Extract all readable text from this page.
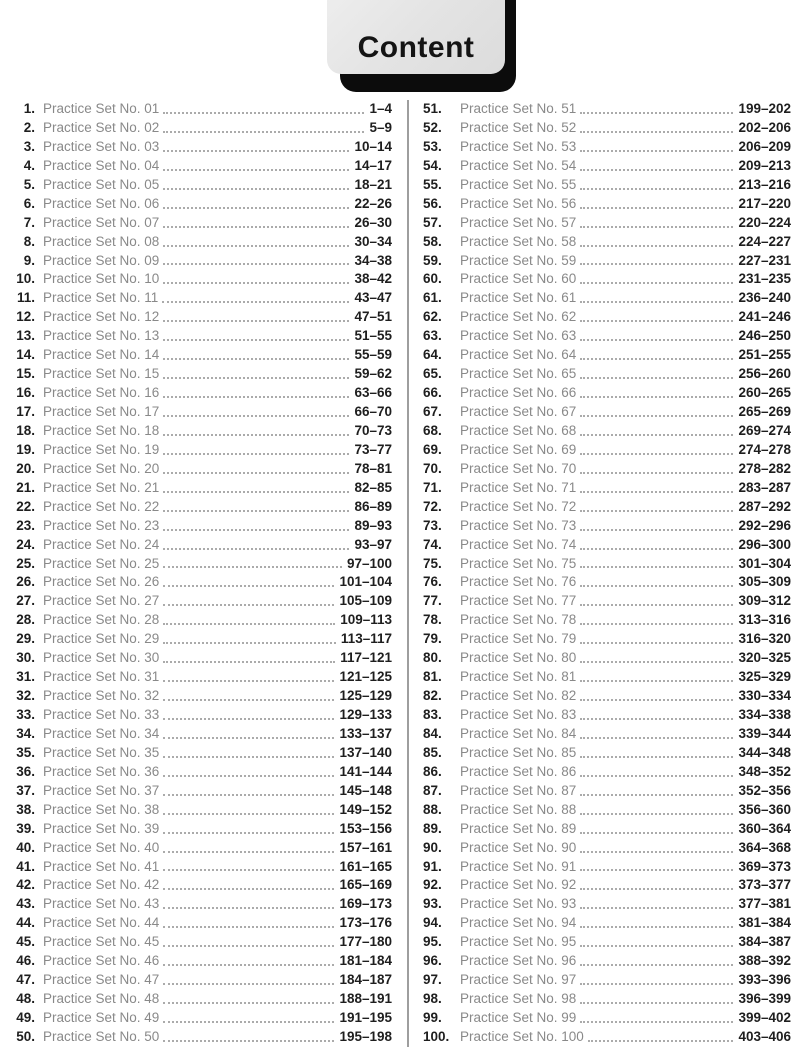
Content
1. Practice Set No. 01	1–4
2. Practice Set No. 02	5–9
3. Practice Set No. 03	10–14
4. Practice Set No. 04	14–17
5. Practice Set No. 05	18–21
6. Practice Set No. 06	22–26
7. Practice Set No. 07	26–30
8. Practice Set No. 08	30–34
9. Practice Set No. 09	34–38
10. Practice Set No. 10	38–42
11. Practice Set No. 11	43–47
12. Practice Set No. 12	47–51
13. Practice Set No. 13	51–55
14. Practice Set No. 14	55–59
15. Practice Set No. 15	59–62
16. Practice Set No. 16	63–66
17. Practice Set No. 17	66–70
18. Practice Set No. 18	70–73
19. Practice Set No. 19	73–77
20. Practice Set No. 20	78–81
21. Practice Set No. 21	82–85
22. Practice Set No. 22	86–89
23. Practice Set No. 23	89–93
24. Practice Set No. 24	93–97
25. Practice Set No. 25	97–100
26. Practice Set No. 26	101–104
27. Practice Set No. 27	105–109
28. Practice Set No. 28	109–113
29. Practice Set No. 29	113–117
30. Practice Set No. 30	117–121
31. Practice Set No. 31	121–125
32. Practice Set No. 32	125–129
33. Practice Set No. 33	129–133
34. Practice Set No. 34	133–137
35. Practice Set No. 35	137–140
36. Practice Set No. 36	141–144
37. Practice Set No. 37	145–148
38. Practice Set No. 38	149–152
39. Practice Set No. 39	153–156
40. Practice Set No. 40	157–161
41. Practice Set No. 41	161–165
42. Practice Set No. 42	165–169
43. Practice Set No. 43	169–173
44. Practice Set No. 44	173–176
45. Practice Set No. 45	177–180
46. Practice Set No. 46	181–184
47. Practice Set No. 47	184–187
48. Practice Set No. 48	188–191
49. Practice Set No. 49	191–195
50. Practice Set No. 50	195–198
51.	Practice Set No. 51	199–202
52.	Practice Set No. 52	202–206
53.	Practice Set No. 53	206–209
54.	Practice Set No. 54	209–213
55.	Practice Set No. 55	213–216
56.	Practice Set No. 56	217–220
57.	Practice Set No. 57	220–224
58.	Practice Set No. 58	224–227
59.	Practice Set No. 59	227–231
60.	Practice Set No. 60	231–235
61.	Practice Set No. 61	236–240
62.	Practice Set No. 62	241–246
63.	Practice Set No. 63	246–250
64.	Practice Set No. 64	251–255
65.	Practice Set No. 65	256–260
66.	Practice Set No. 66	260–265
67.	Practice Set No. 67	265–269
68.	Practice Set No. 68	269–274
69.	Practice Set No. 69	274–278
70.	Practice Set No. 70	278–282
71.	Practice Set No. 71	283–287
72.	Practice Set No. 72	287–292
73.	Practice Set No. 73	292–296
74.	Practice Set No. 74	296–300
75.	Practice Set No. 75	301–304
76.	Practice Set No. 76	305–309
77.	Practice Set No. 77	309–312
78.	Practice Set No. 78	313–316
79.	Practice Set No. 79	316–320
80.	Practice Set No. 80	320–325
81.	Practice Set No. 81	325–329
82.	Practice Set No. 82	330–334
83.	Practice Set No. 83	334–338
84.	Practice Set No. 84	339–344
85.	Practice Set No. 85	344–348
86.	Practice Set No. 86	348–352
87.	Practice Set No. 87	352–356
88.	Practice Set No. 88	356–360
89.	Practice Set No. 89	360–364
90.	Practice Set No. 90	364–368
91.	Practice Set No. 91	369–373
92.	Practice Set No. 92	373–377
93.	Practice Set No. 93	377–381
94.	Practice Set No. 94	381–384
95.	Practice Set No. 95	384–387
96.	Practice Set No. 96	388–392
97.	Practice Set No. 97	393–396
98.	Practice Set No. 98	396–399
99.	Practice Set No. 99	399–402
100. Practice Set No. 100	403–406
